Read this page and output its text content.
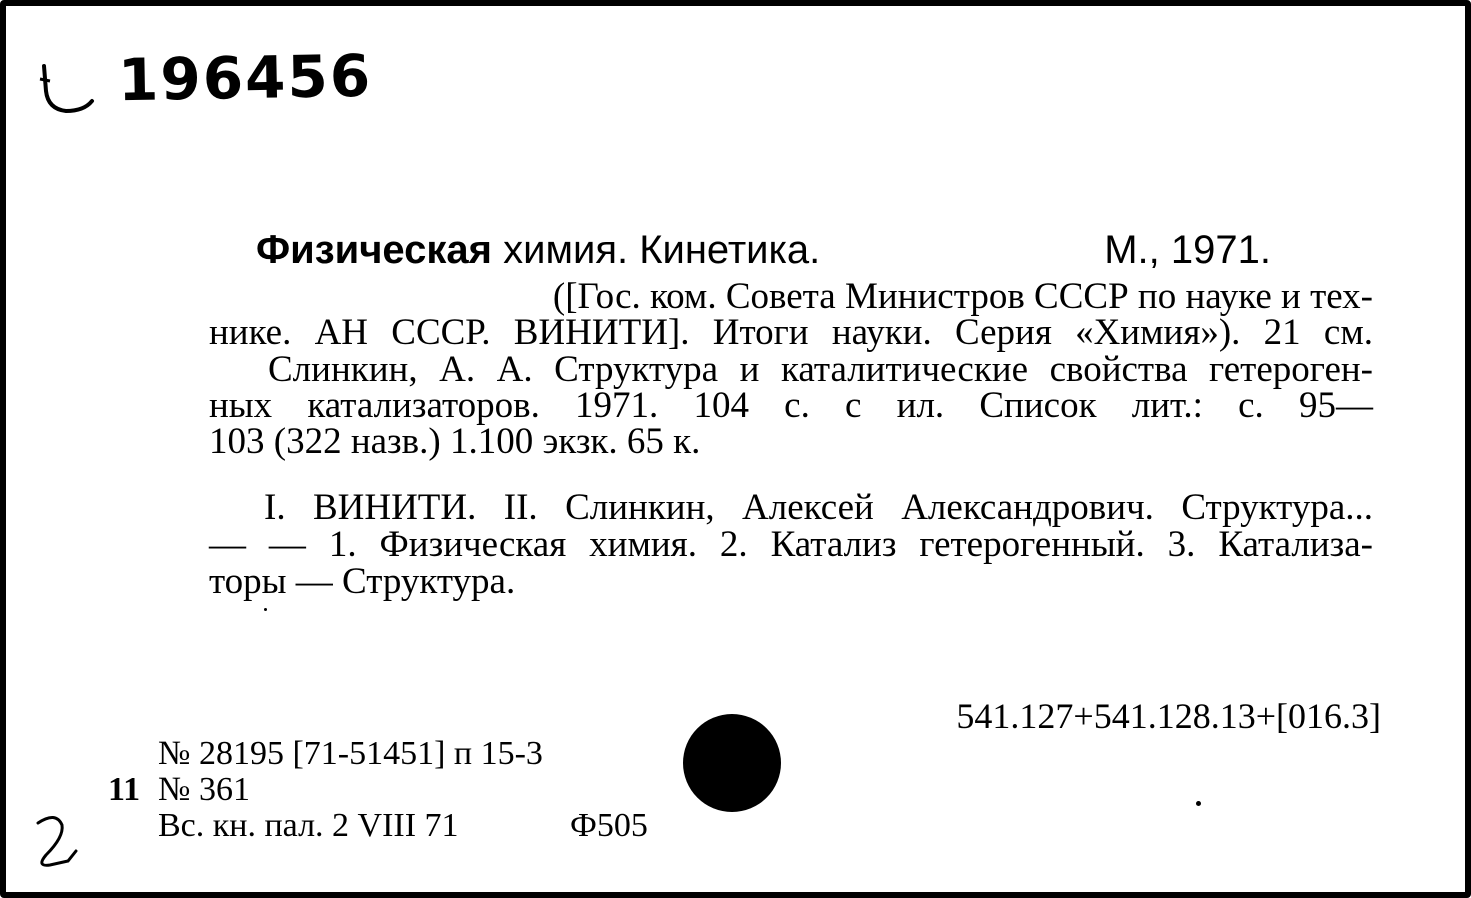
196456
Физическая химия. Кинетика.	М., 1971.
([Гос. ком. Совета Министров СССР по науке и тех-
нике. АН СССР. ВИНИТИ]. Итоги науки. Серия «Химия»). 21 см.
Слинкин, А. А. Структура и каталитические свойства гетероген-
ных катализаторов. 1971. 104 с. с ил. Список лит.: с. 95—
103 (322 назв.) 1.100 экзк. 65 к.
I. ВИНИТИ. II. Слинкин, Алексей Александрович. Структура...
— — 1. Физическая химия. 2. Катализ гетерогенный. 3. Катализа-
торы — Структура.
541.127+541.128.13+[016.3]
№ 28195 [71-51451] п 15-3
11 № 361
Вс. кн. пал. 2 VIII 71	Ф505
